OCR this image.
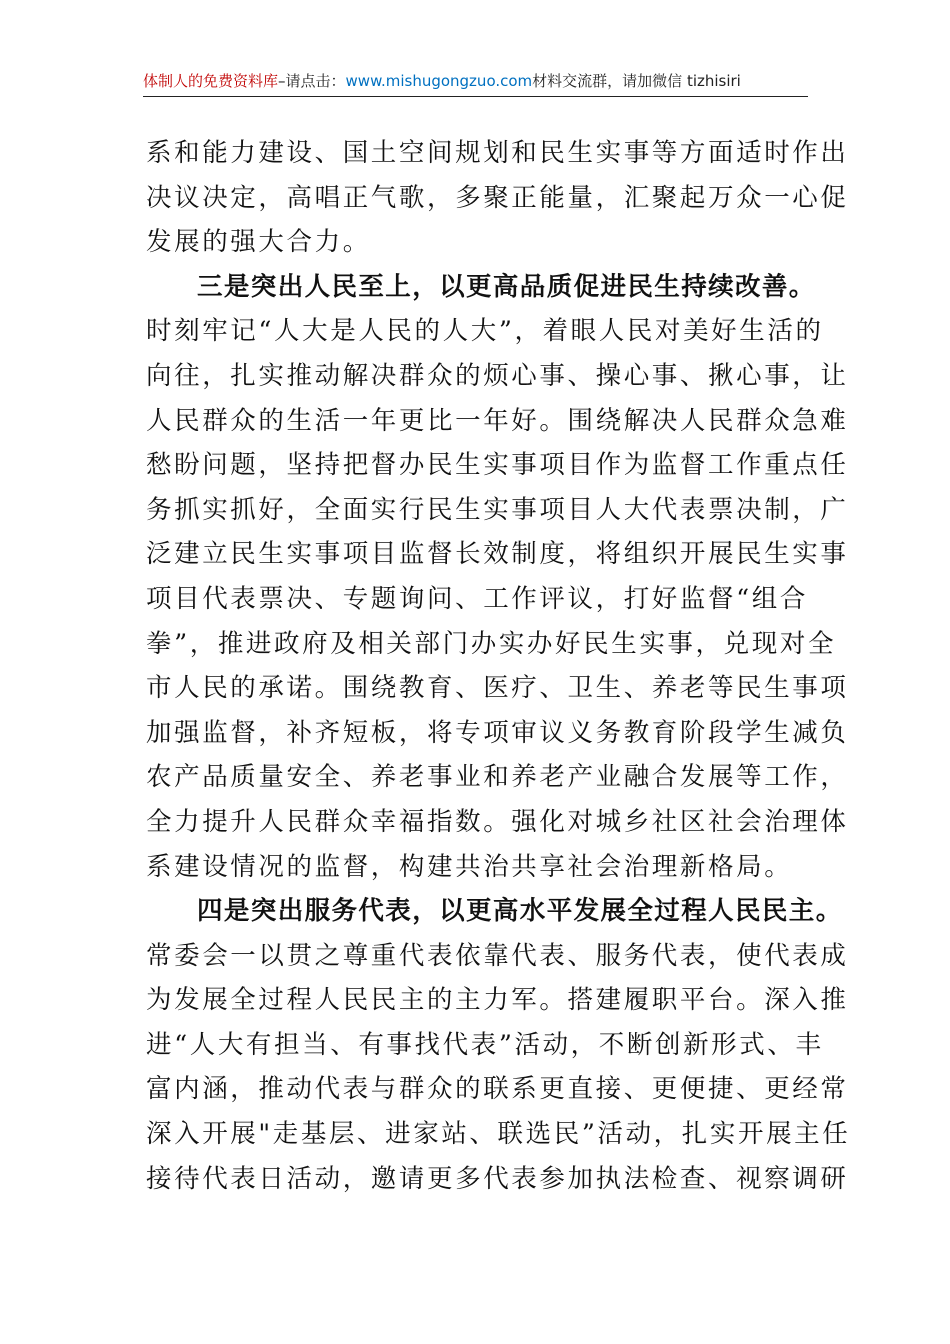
体制人的免费资料库–请点击：www.mishugongzuo.com材料交流群，请加微信 tizhisiri
系和能力建设、国土空间规划和民生实事等方面适时作出
决议决定，高唱正气歌，多聚正能量，汇聚起万众一心促
发展的强大合力。
三是突出人民至上，以更高品质促进民生持续改善。
时刻牢记“人大是人民的人大”，着眼人民对美好生活的
向往，扎实推动解决群众的烦心事、操心事、揪心事，让
人民群众的生活一年更比一年好。围绕解决人民群众急难
愁盼问题，坚持把督办民生实事项目作为监督工作重点任
务抓实抓好，全面实行民生实事项目人大代表票决制，广
泛建立民生实事项目监督长效制度，将组织开展民生实事
项目代表票决、专题询问、工作评议，打好监督“组合
拳”，推进政府及相关部门办实办好民生实事，兑现对全
市人民的承诺。围绕教育、医疗、卫生、养老等民生事项
加强监督，补齐短板，将专项审议义务教育阶段学生减负
农产品质量安全、养老事业和养老产业融合发展等工作，
全力提升人民群众幸福指数。强化对城乡社区社会治理体
系建设情况的监督，构建共治共享社会治理新格局。
四是突出服务代表，以更高水平发展全过程人民民主。
常委会一以贯之尊重代表依靠代表、服务代表，使代表成
为发展全过程人民民主的主力军。搭建履职平台。深入推
进“人大有担当、有事找代表”活动，不断创新形式、丰
富内涵，推动代表与群众的联系更直接、更便捷、更经常
深入开展"走基层、进家站、联选民”活动，扎实开展主任
接待代表日活动，邀请更多代表参加执法检查、视察调研
